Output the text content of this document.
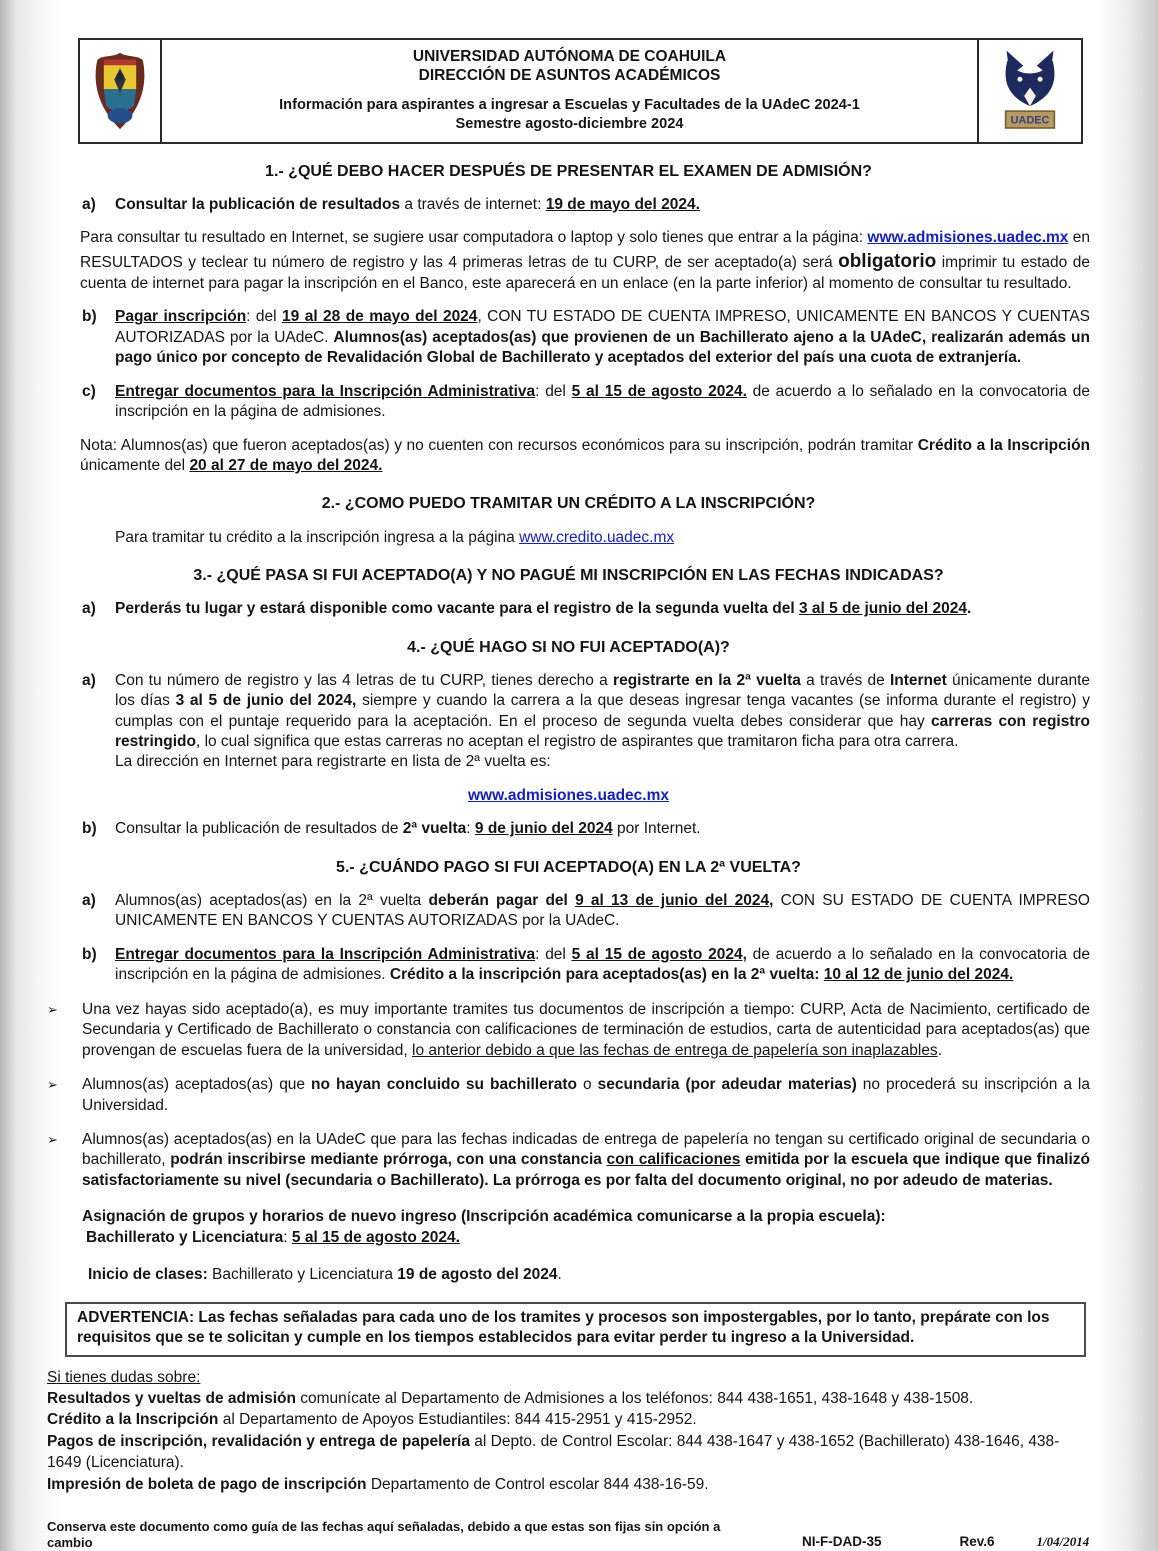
UNIVERSIDAD AUTÓNOMA DE COAHUILA
DIRECCIÓN DE ASUNTOS ACADÉMICOS
Información para aspirantes a ingresar a Escuelas y Facultades de la UAdeC 2024-1
Semestre agosto-diciembre 2024	UADEC
1.- ¿QUÉ DEBO HACER DESPUÉS DE PRESENTAR EL EXAMEN DE ADMISIÓN?
a)	Consultar la publicación de resultados a través de internet: 19 de mayo del 2024.
Para consultar tu resultado en Internet, se sugiere usar computadora o laptop y solo tienes que entrar a la página: www.admisiones.uadec.mx en RESULTADOS y teclear tu número de registro y las 4 primeras letras de tu CURP, de ser aceptado(a) será obligatorio imprimir tu estado de cuenta de internet para pagar la inscripción en el Banco, este aparecerá en un enlace (en la parte inferior) al momento de consultar tu resultado.
b)	Pagar inscripción: del 19 al 28 de mayo del 2024, CON TU ESTADO DE CUENTA IMPRESO, UNICAMENTE EN BANCOS Y CUENTAS AUTORIZADAS por la UAdeC. Alumnos(as) aceptados(as) que provienen de un Bachillerato ajeno a la UAdeC, realizarán además un pago único por concepto de Revalidación Global de Bachillerato y aceptados del exterior del país una cuota de extranjería.
c)	Entregar documentos para la Inscripción Administrativa: del 5 al 15 de agosto 2024. de acuerdo a lo señalado en la convocatoria de inscripción en la página de admisiones.
Nota: Alumnos(as) que fueron aceptados(as) y no cuenten con recursos económicos para su inscripción, podrán tramitar Crédito a la Inscripción únicamente del 20 al 27 de mayo del 2024.
2.- ¿COMO PUEDO TRAMITAR UN CRÉDITO A LA INSCRIPCIÓN?
Para tramitar tu crédito a la inscripción ingresa a la página www.credito.uadec.mx
3.- ¿QUÉ PASA SI FUI ACEPTADO(A) Y NO PAGUÉ MI INSCRIPCIÓN EN LAS FECHAS INDICADAS?
a)	Perderás tu lugar y estará disponible como vacante para el registro de la segunda vuelta del 3 al 5 de junio del 2024.
4.- ¿QUÉ HAGO SI NO FUI ACEPTADO(A)?
a)	Con tu número de registro y las 4 letras de tu CURP, tienes derecho a registrarte en la 2ª vuelta a través de Internet únicamente durante los días 3 al 5 de junio del 2024, siempre y cuando la carrera a la que deseas ingresar tenga vacantes (se informa durante el registro) y cumplas con el puntaje requerido para la aceptación. En el proceso de segunda vuelta debes considerar que hay carreras con registro restringido, lo cual significa que estas carreras no aceptan el registro de aspirantes que tramitaron ficha para otra carrera.
La dirección en Internet para registrarte en lista de 2ª vuelta es:
www.admisiones.uadec.mx
b)	Consultar la publicación de resultados de 2ª vuelta: 9 de junio del 2024 por Internet.
5.- ¿CUÁNDO PAGO SI FUI ACEPTADO(A) EN LA 2ª VUELTA?
a)	Alumnos(as) aceptados(as) en la 2ª vuelta deberán pagar del 9 al 13 de junio del 2024, CON SU ESTADO DE CUENTA IMPRESO UNICAMENTE EN BANCOS Y CUENTAS AUTORIZADAS por la UAdeC.
b)	Entregar documentos para la Inscripción Administrativa: del 5 al 15 de agosto 2024, de acuerdo a lo señalado en la convocatoria de inscripción en la página de admisiones. Crédito a la inscripción para aceptados(as) en la 2ª vuelta: 10 al 12 de junio del 2024.
➢	Una vez hayas sido aceptado(a), es muy importante tramites tus documentos de inscripción a tiempo: CURP, Acta de Nacimiento, certificado de Secundaria y Certificado de Bachillerato o constancia con calificaciones de terminación de estudios, carta de autenticidad para aceptados(as) que provengan de escuelas fuera de la universidad, lo anterior debido a que las fechas de entrega de papelería son inaplazables.
➢	Alumnos(as) aceptados(as) que no hayan concluido su bachillerato o secundaria (por adeudar materias) no procederá su inscripción a la Universidad.
➢	Alumnos(as) aceptados(as) en la UAdeC que para las fechas indicadas de entrega de papelería no tengan su certificado original de secundaria o bachillerato, podrán inscribirse mediante prórroga, con una constancia con calificaciones emitida por la escuela que indique que finalizó satisfactoriamente su nivel (secundaria o Bachillerato). La prórroga es por falta del documento original, no por adeudo de materias.
Asignación de grupos y horarios de nuevo ingreso (Inscripción académica comunicarse a la propia escuela):
Bachillerato y Licenciatura: 5 al 15 de agosto 2024.
Inicio de clases: Bachillerato y Licenciatura 19 de agosto del 2024.
ADVERTENCIA: Las fechas señaladas para cada uno de los tramites y procesos son impostergables, por lo tanto, prepárate con los requisitos que se te solicitan y cumple en los tiempos establecidos para evitar perder tu ingreso a la Universidad.
Si tienes dudas sobre:
Resultados y vueltas de admisión comunícate al Departamento de Admisiones a los teléfonos: 844 438-1651, 438-1648 y 438-1508.
Crédito a la Inscripción al Departamento de Apoyos Estudiantiles: 844 415-2951 y 415-2952.
Pagos de inscripción, revalidación y entrega de papelería al Depto. de Control Escolar: 844 438-1647 y 438-1652 (Bachillerato) 438-1646, 438-1649 (Licenciatura).
Impresión de boleta de pago de inscripción Departamento de Control escolar 844 438-16-59.
Conserva este documento como guía de las fechas aquí señaladas, debido a que estas son fijas sin opción a cambio	NI-F-DAD-35	Rev.6	1/04/2014
